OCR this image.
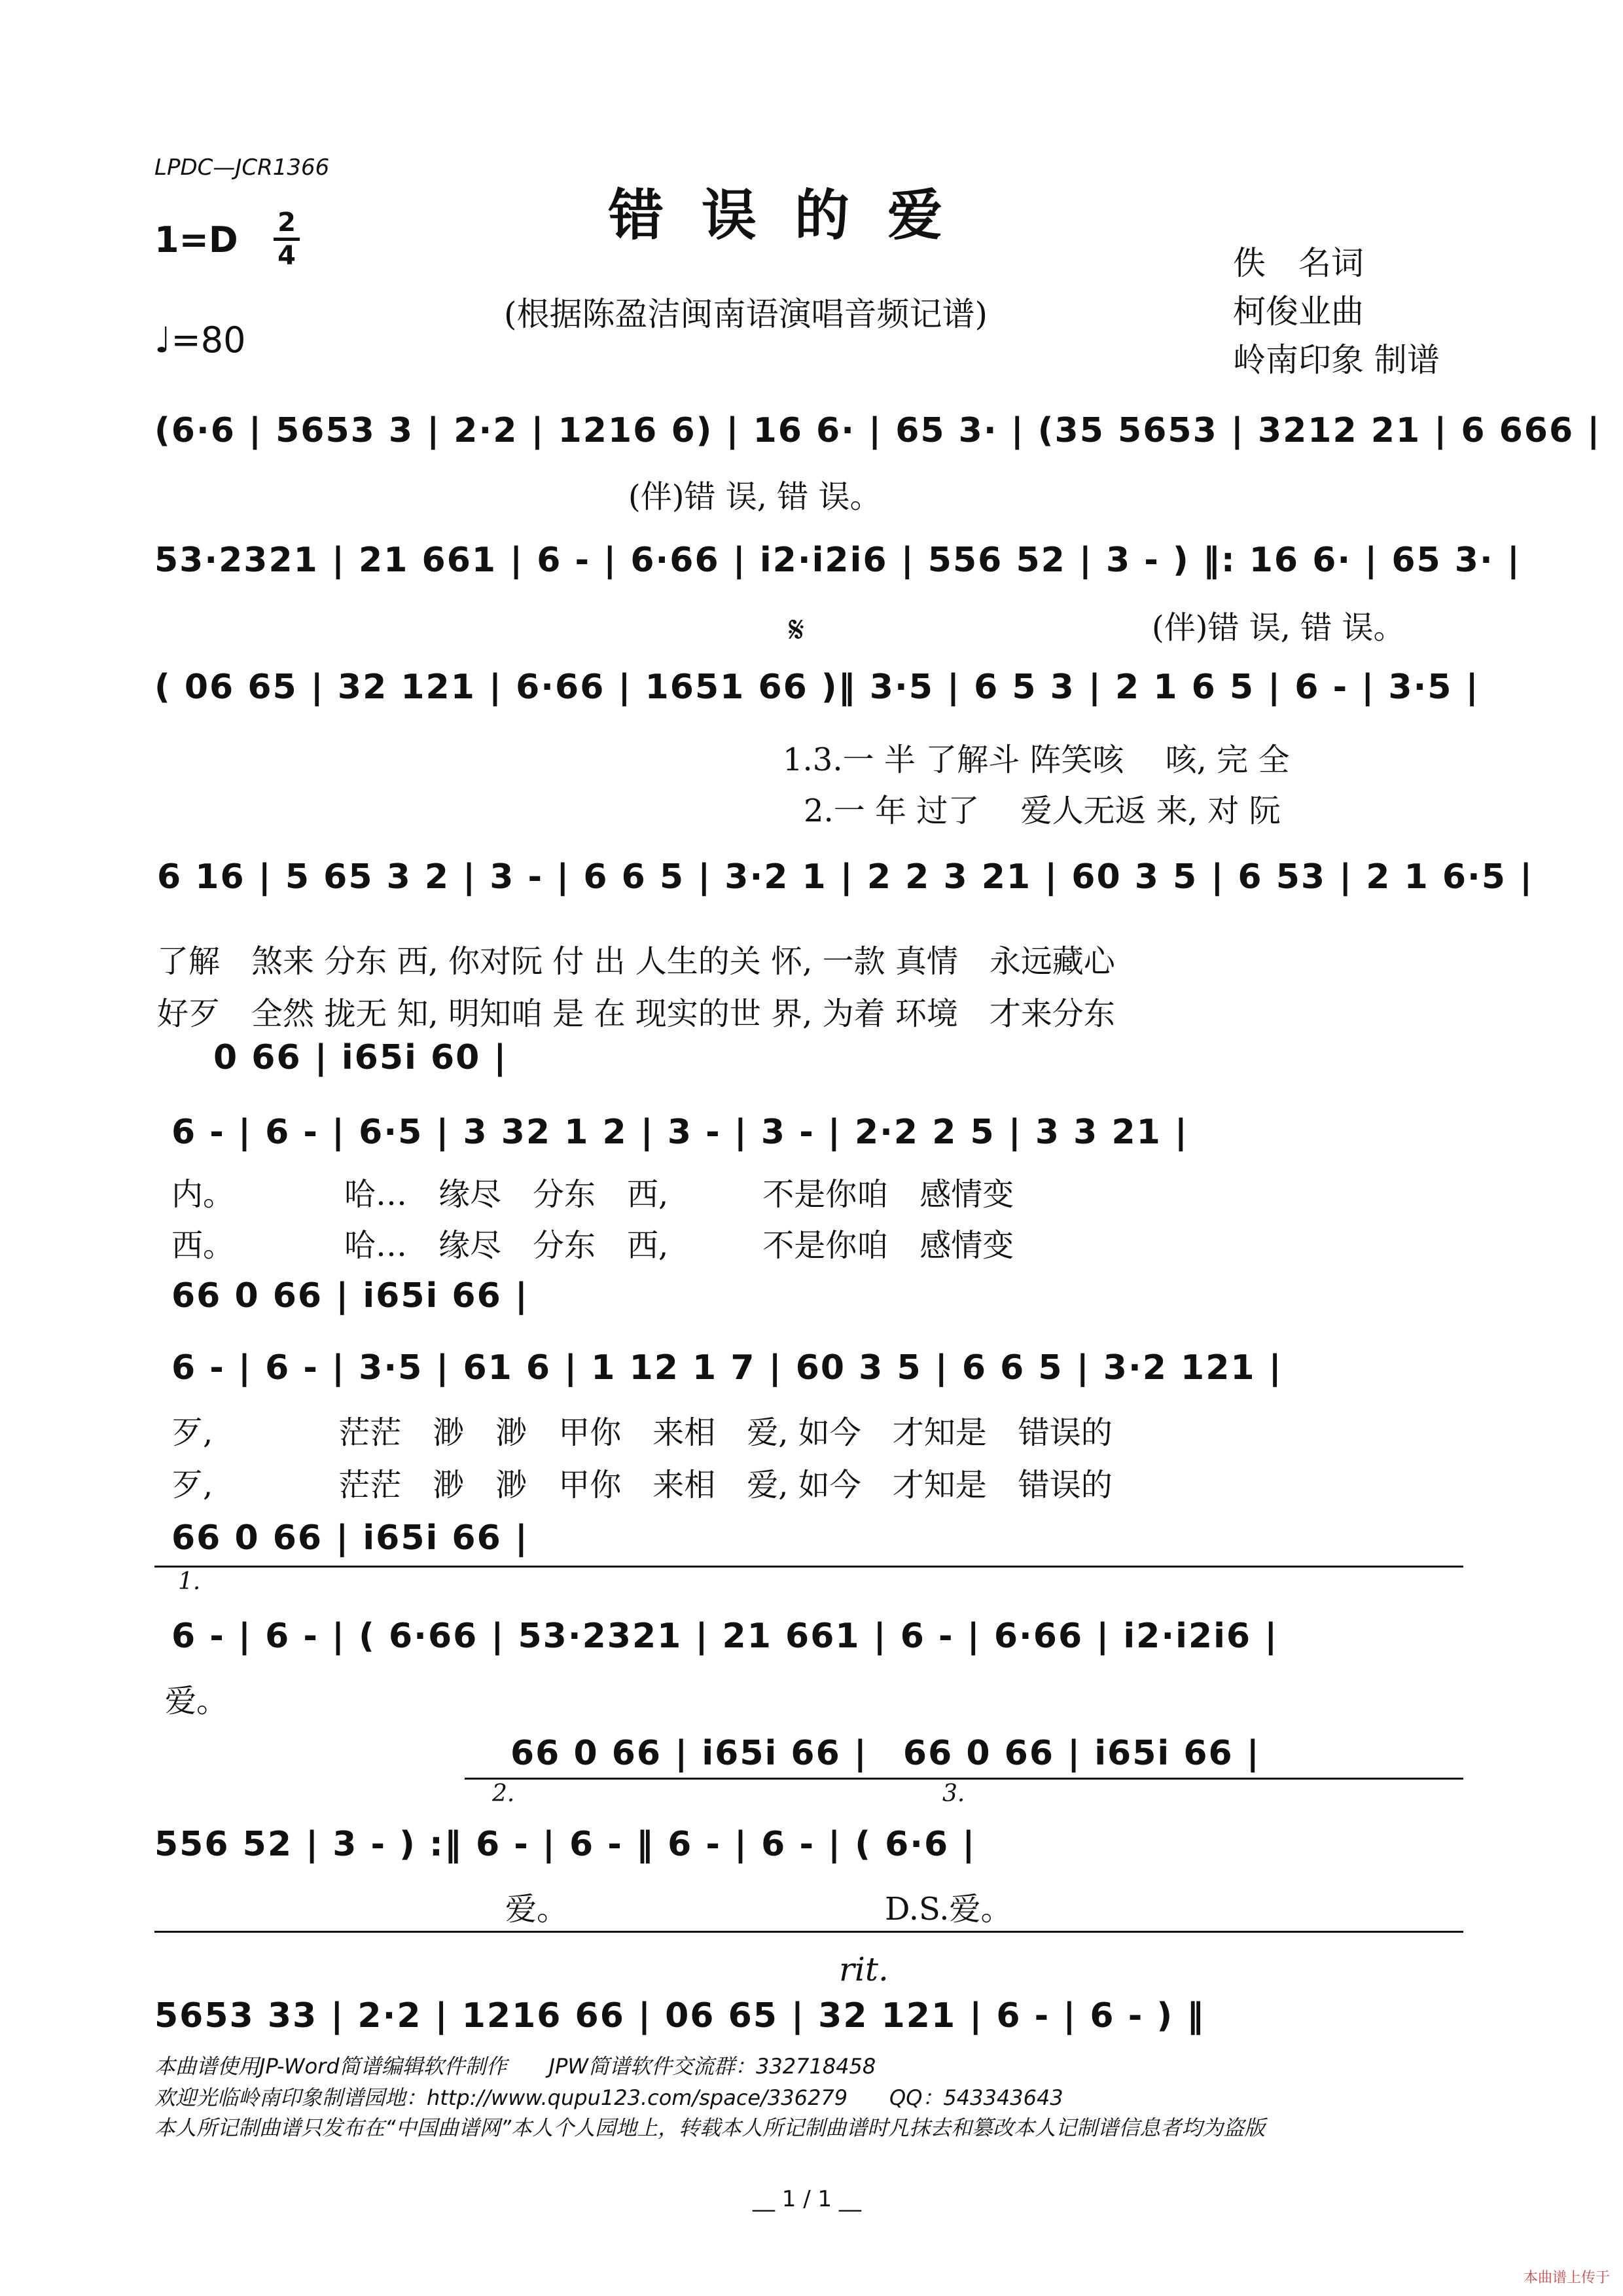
LPDC—JCR1366
错误的爱
(根据陈盈洁闽南语演唱音频记谱)
1=D 2
4
♩=80
佚　名词
柯俊业曲
岭南印象 制谱
(6·6 | 5653 3 | 2·2 | 1216 6) | 16 6· | 65 3· | (35 5653 | 3212 21 | 6 666 |
(伴)错 误, 错 误。
53·2321 | 21 661 | 6 - | 6·66 | i2·i2i6 | 556 52 | 3 - ) ‖: 16 6· | 65 3· |
(伴)错 误, 错 误。
𝄋
( 06 65 | 32 121 | 6·66 | 1651 66 )‖ 3·5 | 6 5 3 | 2 1 6 5 | 6 - | 3·5 |
1.3.一 半 了解斗 阵笑咳　 咳, 完 全
2.一 年 过了　 爱人无返 来, 对 阮
6 16 | 5 65 3 2 | 3 - | 6 6 5 | 3·2 1 | 2 2 3 21 | 60 3 5 | 6 53 | 2 1 6·5 |
了解　煞来 分东 西, 你对阮 付 出 人生的关 怀, 一款 真情　永远藏心
好歹　全然 拢无 知, 明知咱 是 在 现实的世 界, 为着 环境　才来分东
0 66 | i65i 60 |
6 - | 6 - | 6·5 | 3 32 1 2 | 3 - | 3 - | 2·2 2 5 | 3 3 21 |
内。　　　　哈…　缘尽　分东　西,　　　不是你咱　感情变
西。　　　　哈…　缘尽　分东　西,　　　不是你咱　感情变
66 0 66 | i65i 66 |
6 - | 6 - | 3·5 | 61 6 | 1 12 1 7 | 60 3 5 | 6 6 5 | 3·2 121 |
歹,　　　　茫茫　渺　渺　甲你　来相　爱, 如今　才知是　错误的
歹,　　　　茫茫　渺　渺　甲你　来相　爱, 如今　才知是　错误的
66 0 66 | i65i 66 |
1.
6 - | 6 - | ( 6·66 | 53·2321 | 21 661 | 6 - | 6·66 | i2·i2i6 |
爱。
66 0 66 | i65i 66 |　66 0 66 | i65i 66 |
2.	3.
556 52 | 3 - ) :‖ 6 - | 6 - ‖ 6 - | 6 - | ( 6·6 |
爱。	D.S.爱。
rit.
5653 33 | 2·2 | 1216 66 | 06 65 | 32 121 | 6 - | 6 - ) ‖
本曲谱使用JP-Word简谱编辑软件制作　　JPW简谱软件交流群：332718458
欢迎光临岭南印象制谱园地：http://www.qupu123.com/space/336279　　QQ：543343643
本人所记制曲谱只发布在“中国曲谱网”本人个人园地上，转载本人所记制曲谱时凡抹去和篡改本人记制谱信息者均为盗版
__ 1 / 1 __
本曲谱上传于
